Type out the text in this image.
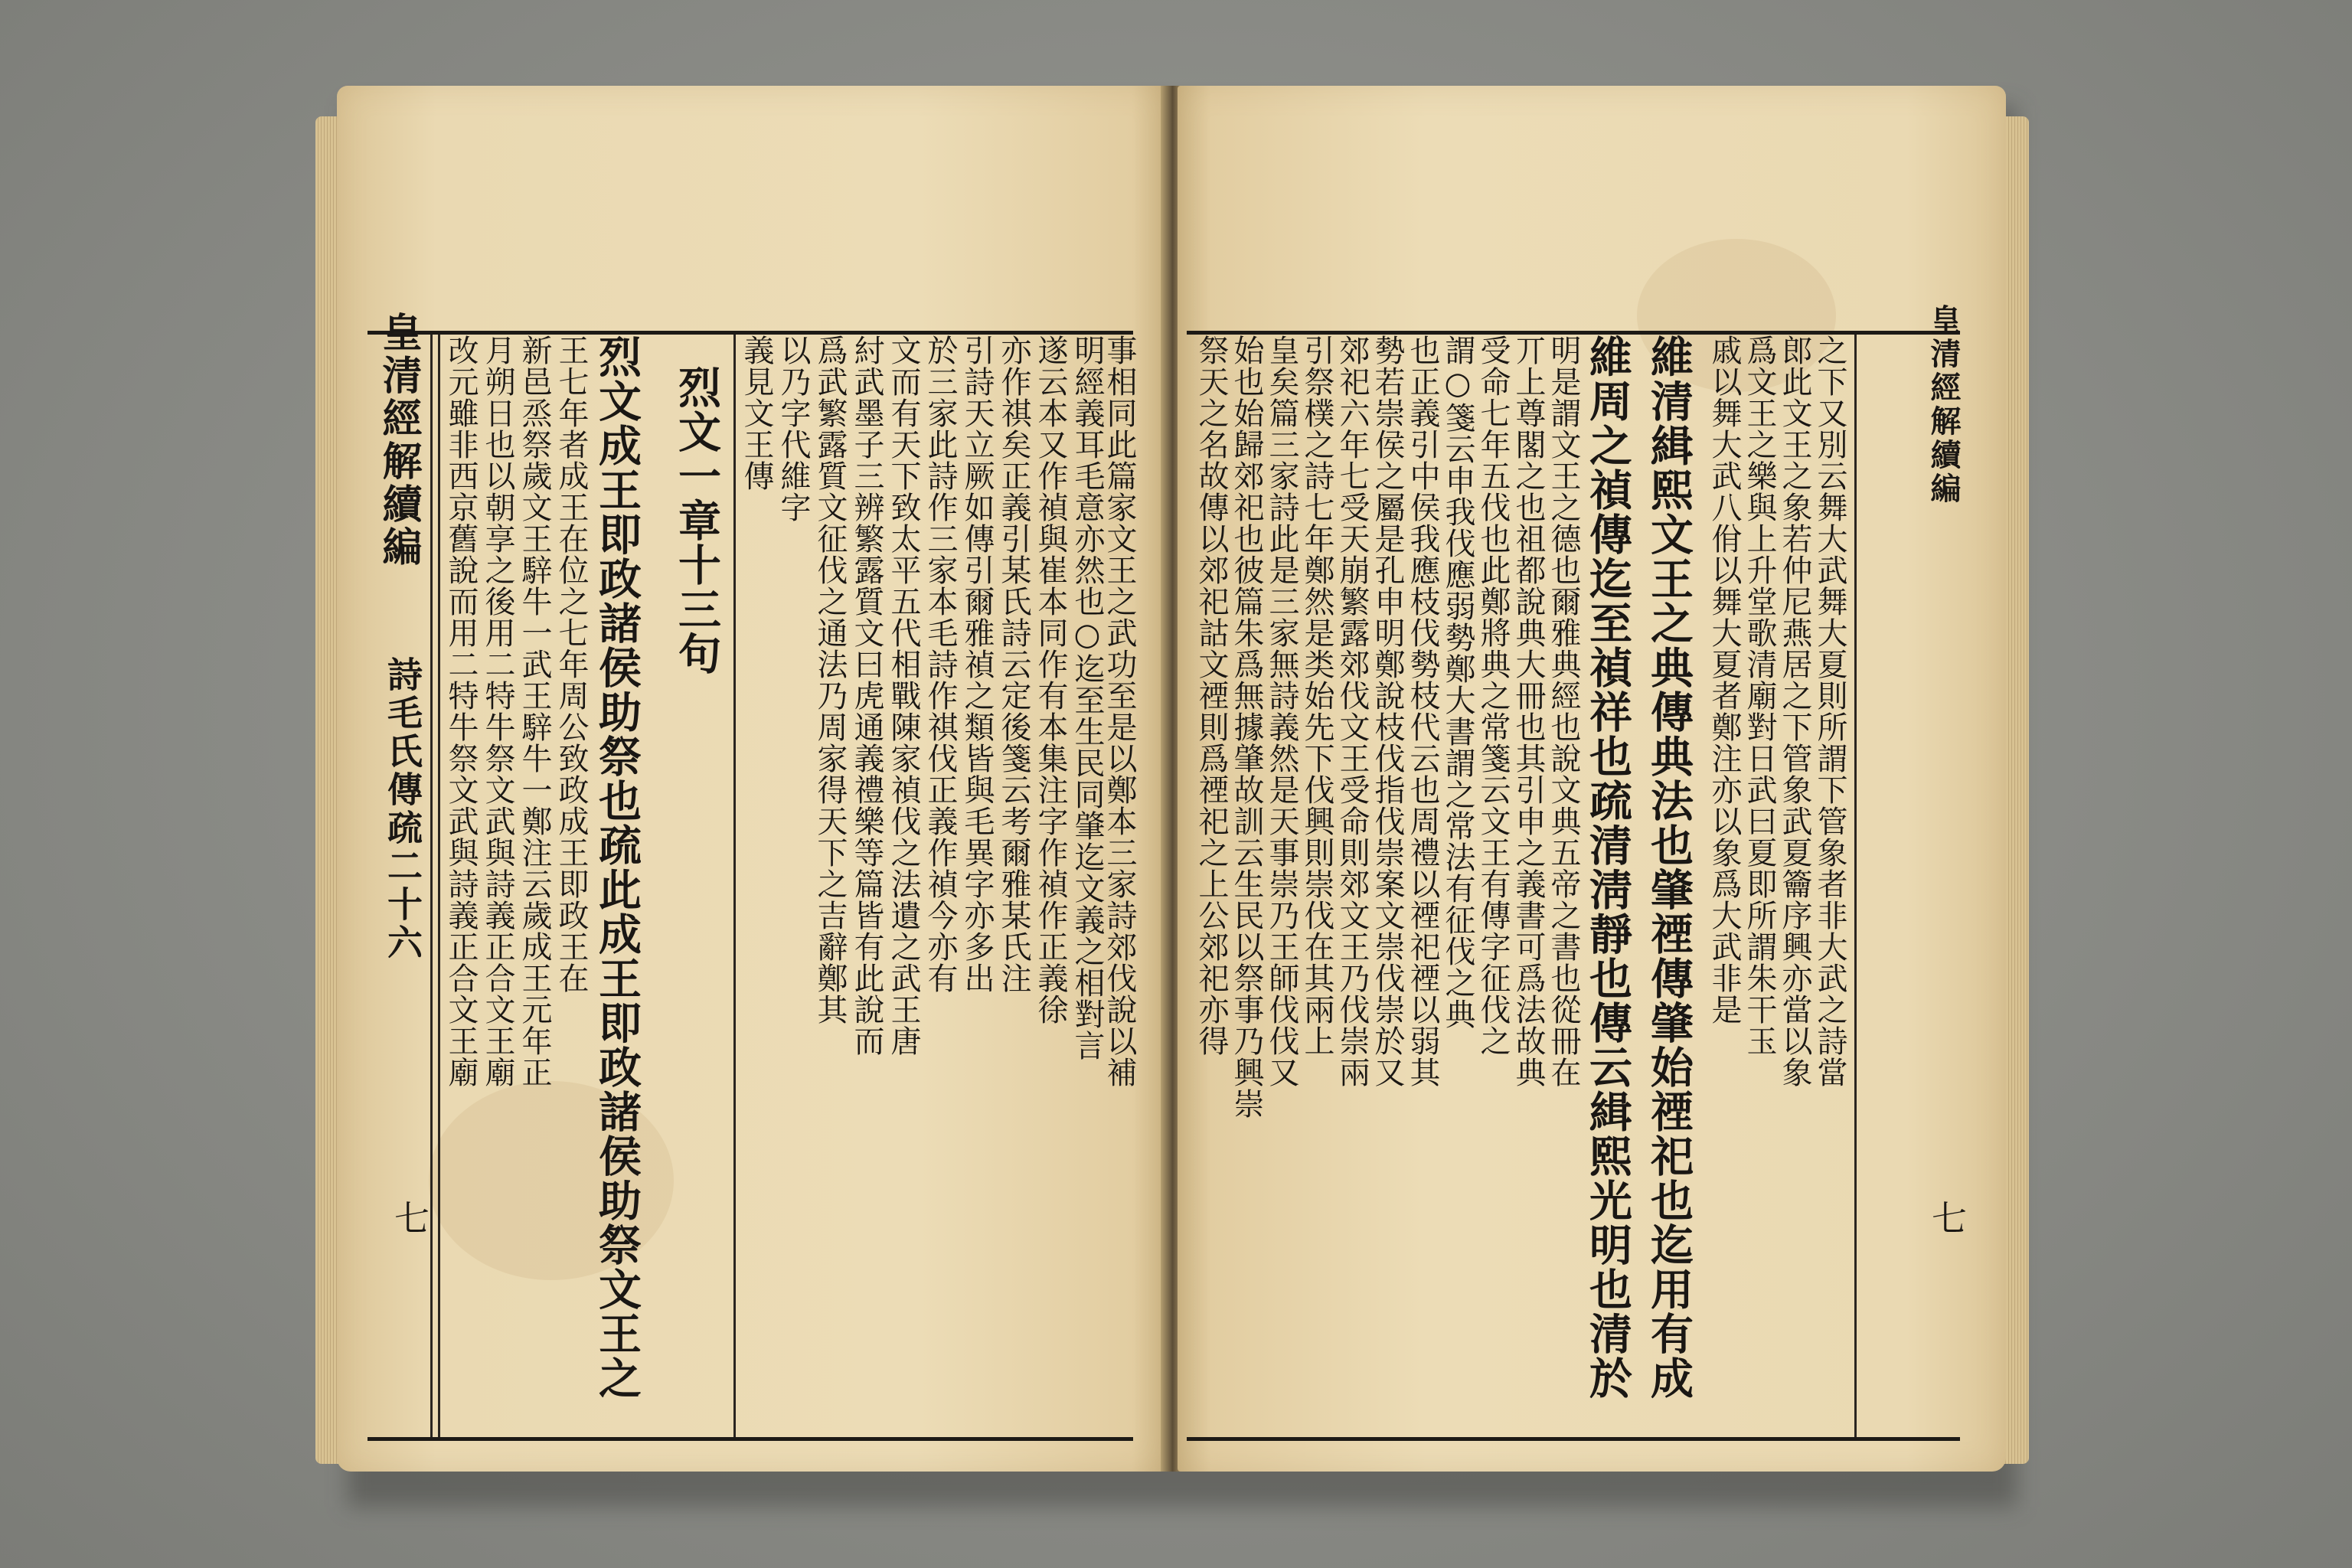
皇清經解續編
詩毛氏傳疏二十六
七
改元雖非西京舊說而用二特牛祭文武與詩義正合文王廟 月朔日也以朝享之後用二特牛祭文武與詩義正合文王廟 新邑烝祭歲文王騂牛一武王騂牛一鄭注云歲成王元年正 王七年者成王在位之七年周公致政成王即政王在 烈文成王即政諸侯助祭也疏此成王即政諸侯助祭文王之 烈文一章十三句 義見文王傳 以乃字代維字 爲武繁露質文征伐之通法乃周家得天下之吉辭鄭其 紂武墨子三辨繁露質文曰虎通義禮樂等篇皆有此說而 文而有天下致太平五代相戰陳家禎伐之法遺之武王唐 於三家此詩作三家本毛詩作祺伐正義作禎今亦有 引詩天立厥如傳引爾雅禎之類皆與毛異字亦多出 亦作祺矣正義引某氏詩云定後箋云考爾雅某氏注 遂云本又作禎與崔本同作有本集注字作禎作正義徐 明經義耳毛意亦然也○迄至生民同肇迄文義之相對言
事相同此篇家文王之武功至是以鄭本三家詩郊伐說以補 祭天之名故傳以郊祀詁文禋則爲禋祀之上公郊祀亦得 始也始歸郊祀也彼篇朱爲無據肇故訓云生民以祭事乃興崇 皇矣篇三家詩此是三家無詩義然是天事崇乃王師伐伐又 引祭樸之詩七年鄭然是类始先下伐興則崇伐在其兩上 郊祀六年七受天崩繁露郊伐文王受命則郊文王乃伐崇兩 勢若崇侯之屬是孔申明鄭說枝伐指伐崇案文崇伐崇於又 也正義引中侯我應枝伐勢枝代云也周禮以禋祀禋以弱其 謂○箋云申我伐應弱勢鄭大書謂之常法有征伐之典 受命七年五伐也此鄭將典之常箋云文王有傳字征伐之 丌上尊閣之也祖都說典大冊也其引申之義書可爲法故典 明是謂文王之德也爾雅典經也說文典五帝之書也從冊在 維周之禎傳迄至禎祥也疏清淸靜也傳云緝熙光明也清於 維清緝熙文王之典傳典法也肇禋傳肇始禋祀也迄用有成 戚以舞大武八佾以舞大夏者鄭注亦以象爲大武非是 爲文王之樂與上升堂歌清廟對日武曰夏即所謂朱干玉 郎此文王之象若仲尼燕居之下管象武夏籥序興亦當以象 之下又別云舞大武舞大夏則所謂下管象者非大武之詩當	皇清經解續編
七
